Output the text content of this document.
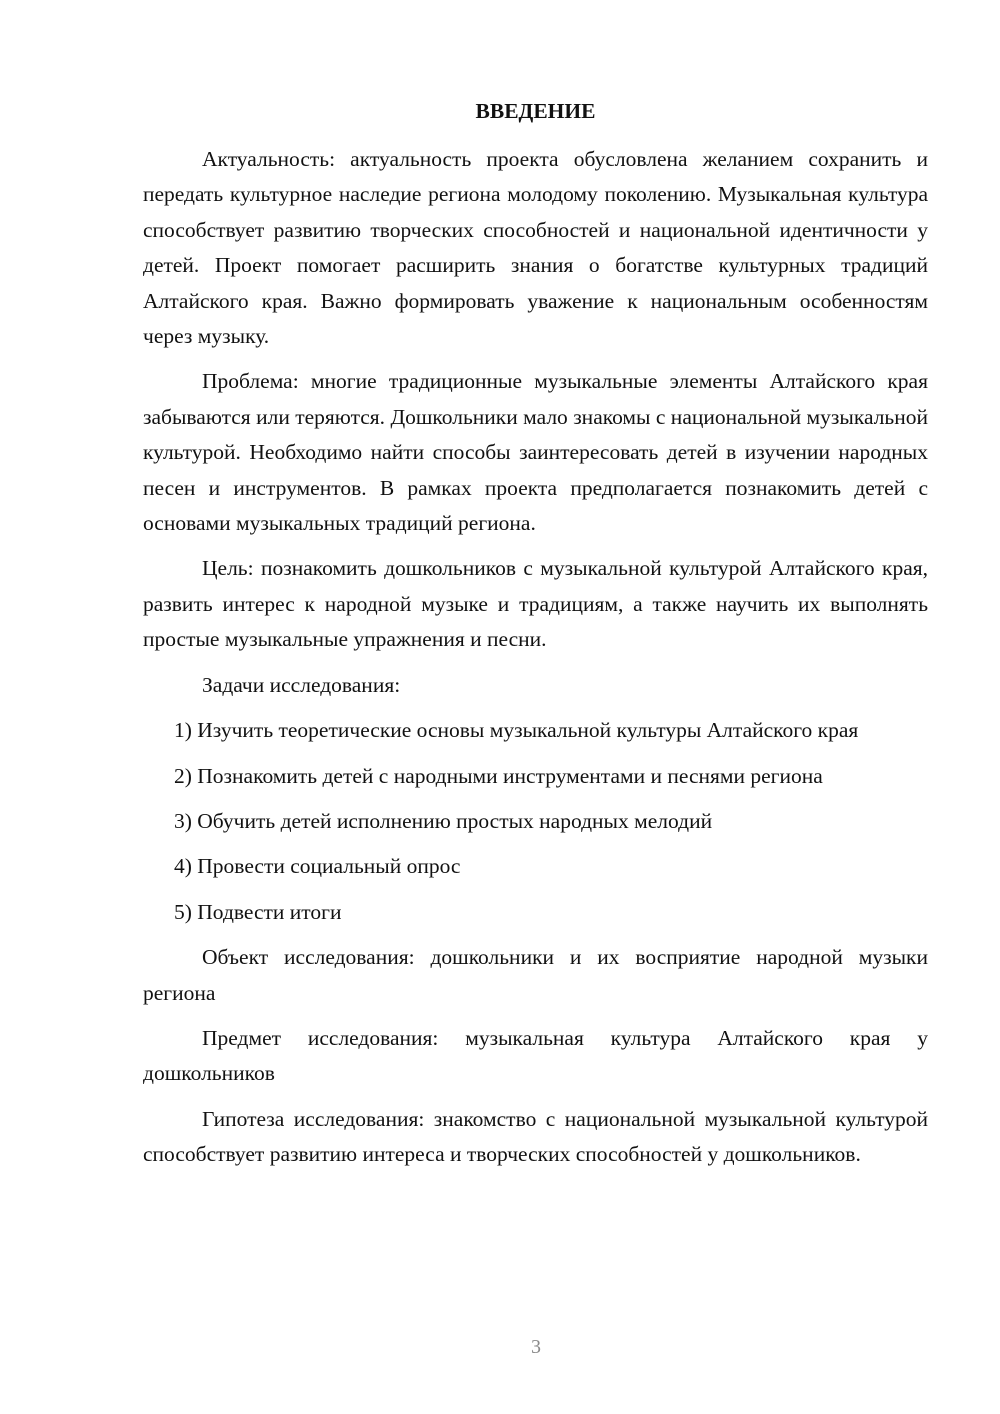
ВВЕДЕНИЕ

Актуальность: актуальность проекта обусловлена желанием сохранить и передать культурное наследие региона молодому поколению. Музыкальная культура способствует развитию творческих способностей и национальной идентичности у детей. Проект помогает расширить знания о богатстве культурных традиций Алтайского края. Важно формировать уважение к национальным особенностям через музыку.

Проблема: многие традиционные музыкальные элементы Алтайского края забываются или теряются. Дошкольники мало знакомы с национальной музыкальной культурой. Необходимо найти способы заинтересовать детей в изучении народных песен и инструментов. В рамках проекта предполагается познакомить детей с основами музыкальных традиций региона.

Цель: познакомить дошкольников с музыкальной культурой Алтайского края, развить интерес к народной музыке и традициям, а также научить их выполнять простые музыкальные упражнения и песни.

Задачи исследования:

1) Изучить теоретические основы музыкальной культуры Алтайского края

2) Познакомить детей с народными инструментами и песнями региона

3) Обучить детей исполнению простых народных мелодий

4) Провести социальный опрос

5) Подвести итоги

Объект исследования: дошкольники и их восприятие народной музыки региона

Предмет исследования: музыкальная культура Алтайского края у дошкольников

Гипотеза исследования: знакомство с национальной музыкальной культурой способствует развитию интереса и творческих способностей у дошкольников.

3
